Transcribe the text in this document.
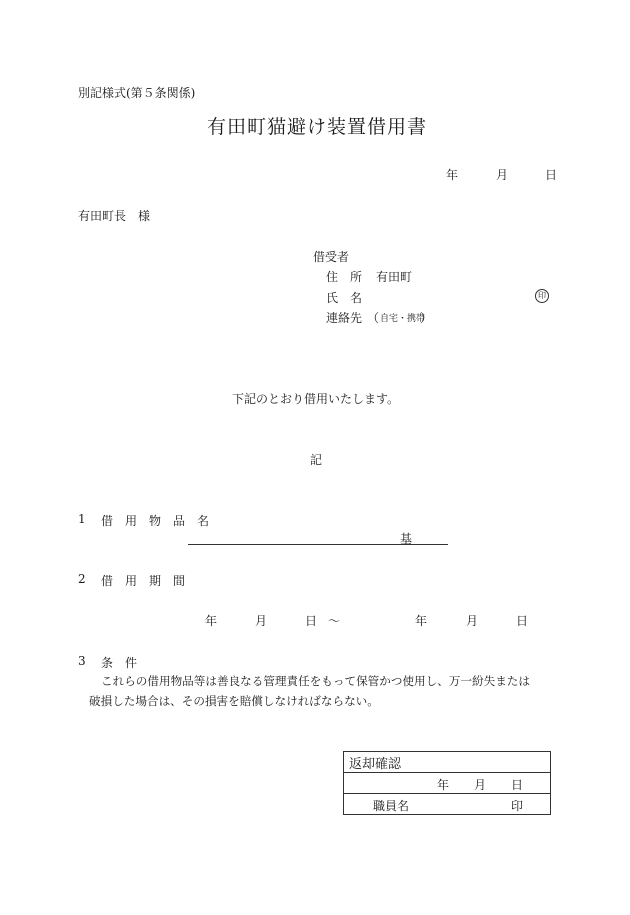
別記様式(第５条関係)
有田町猫避け装置借用書
年	月	日
有田町長　様
借受者
住　所 有田町
氏　名	印
連絡先 （ 自宅・携帯
）
下記のとおり借用いたします。
記
1 借　用　物　品　名
基
2 借　用　期　間
年	月	日 ～	年	月	日
3 条　件
これらの借用物品等は善良なる管理責任をもって保管かつ使用し、万一紛失または
破損した場合は、その損害を賠償しなければならない。
返却確認

年 月 日

職員名	印
